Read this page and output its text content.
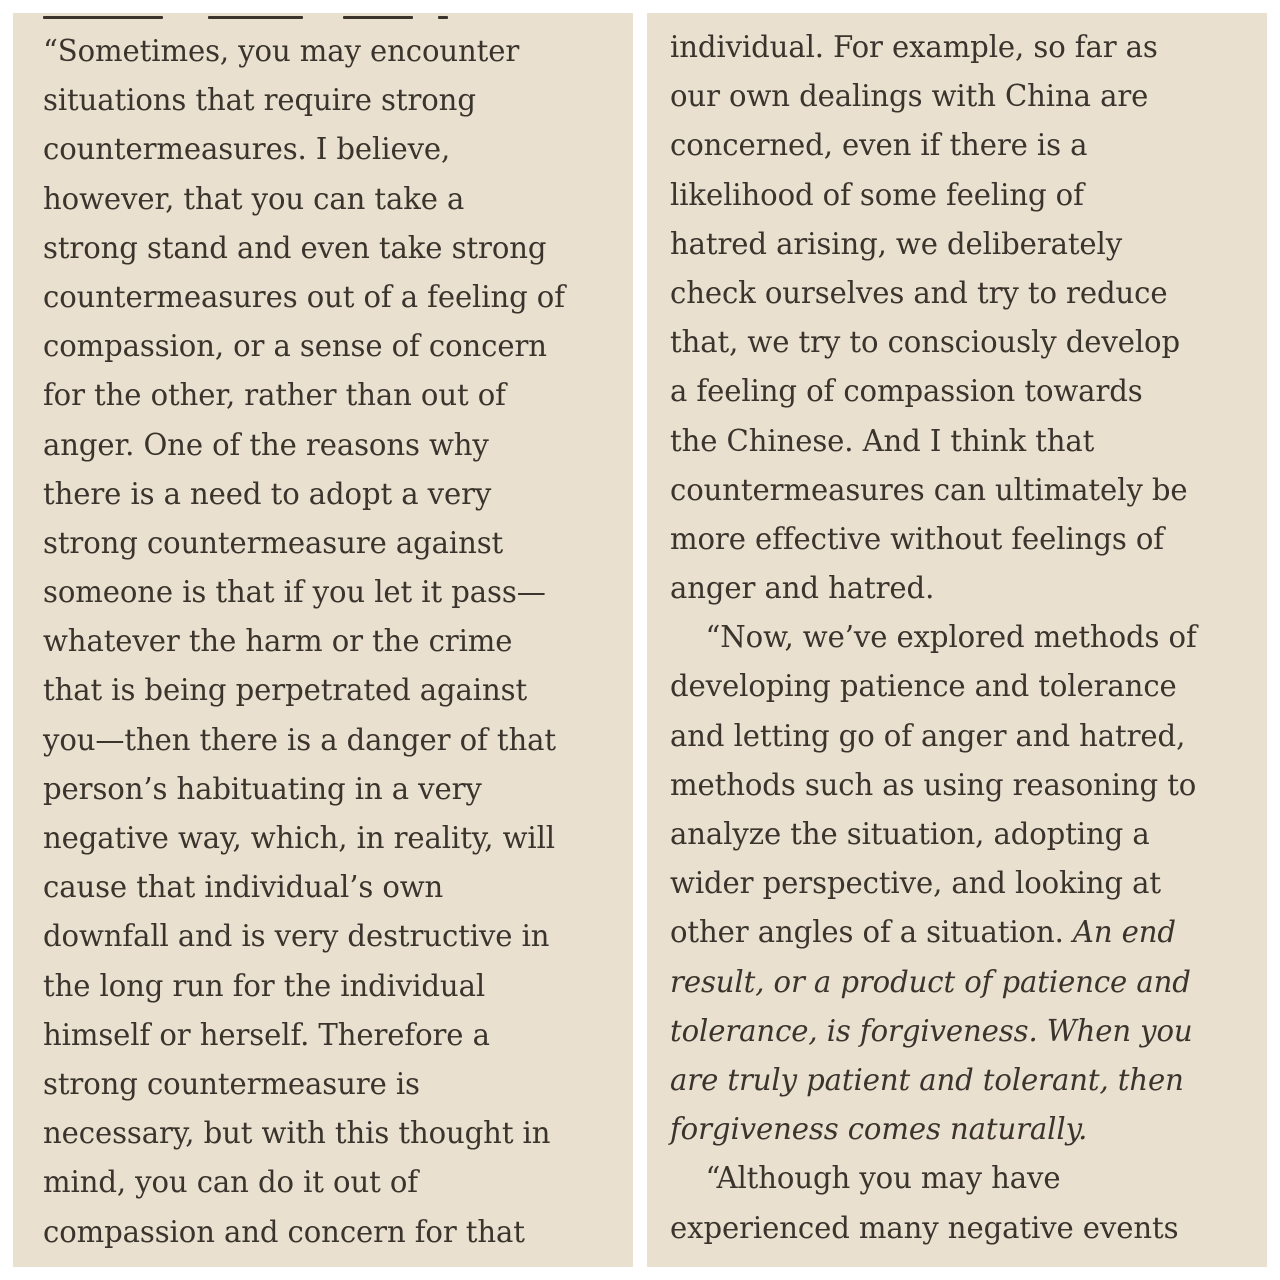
“Sometimes, you may encounter
situations that require strong
countermeasures. I believe,
however, that you can take a
strong stand and even take strong
countermeasures out of a feeling of
compassion, or a sense of concern
for the other, rather than out of
anger. One of the reasons why
there is a need to adopt a very
strong countermeasure against
someone is that if you let it pass—
whatever the harm or the crime
that is being perpetrated against
you—then there is a danger of that
person’s habituating in a very
negative way, which, in reality, will
cause that individual’s own
downfall and is very destructive in
the long run for the individual
himself or herself. Therefore a
strong countermeasure is
necessary, but with this thought in
mind, you can do it out of
compassion and concern for that
individual. For example, so far as
our own dealings with China are
concerned, even if there is a
likelihood of some feeling of
hatred arising, we deliberately
check ourselves and try to reduce
that, we try to consciously develop
a feeling of compassion towards
the Chinese. And I think that
countermeasures can ultimately be
more effective without feelings of
anger and hatred.
“Now, we’ve explored methods of
developing patience and tolerance
and letting go of anger and hatred,
methods such as using reasoning to
analyze the situation, adopting a
wider perspective, and looking at
other angles of a situation. An end
result, or a product of patience and
tolerance, is forgiveness. When you
are truly patient and tolerant, then
forgiveness comes naturally.
“Although you may have
experienced many negative events
